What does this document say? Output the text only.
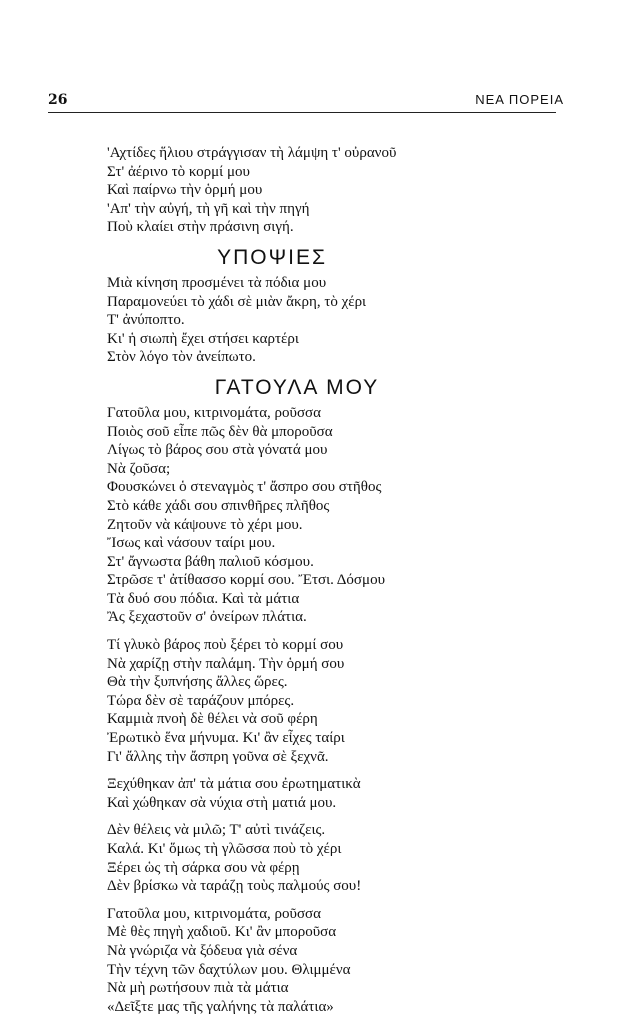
26	ΝΕΑ ΠΟΡΕΙΑ
'Αχτίδες ἥλιου στράγγισαν τὴ λάμψη τ' οὐρανοῦ
Στ' ἀέρινο τὸ κορμί μου
Καὶ παίρνω τὴν ὁρμή μου
'Απ' τὴν αὐγή, τὴ γῆ καὶ τὴν πηγή
Ποὺ κλαίει στὴν πράσινη σιγή.
ΥΠΟΨΙΕΣ
Μιὰ κίνηση προσμένει τὰ πόδια μου
Παραμονεύει τὸ χάδι σὲ μιὰν ἄκρη, τὸ χέρι
Τ' ἀνύποπτο.
Κι' ἡ σιωπὴ ἔχει στήσει καρτέρι
Στὸν λόγο τὸν ἀνείπωτο.
ΓΑΤΟΥΛΑ ΜΟΥ
Γατοῦλα μου, κιτρινομάτα, ροῦσσα
Ποιὸς σοῦ εἶπε πῶς δὲν θὰ μποροῦσα
Λίγως τὸ βάρος σου στὰ γόνατά μου
Νὰ ζοῦσα;
Φουσκώνει ὁ στεναγμὸς τ' ἄσπρο σου στῆθος
Στὸ κάθε χάδι σου σπινθῆρες πλῆθος
Ζητοῦν νὰ κάψουνε τὸ χέρι μου.
Ἴσως καὶ νάσουν ταίρι μου.
Στ' ἄγνωστα βάθη παλιοῦ κόσμου.
Στρῶσε τ' ἀτίθασσο κορμί σου. Ἔτσι. Δόσμου
Τὰ δυό σου πόδια. Καὶ τὰ μάτια
Ἂς ξεχαστοῦν σ' ὀνείρων πλάτια.
Τί γλυκὸ βάρος ποὺ ξέρει τὸ κορμί σου
Νὰ χαρίζῃ στὴν παλάμη. Τὴν ὁρμή σου
Θὰ τὴν ξυπνήσης ἄλλες ὥρες.
Τώρα δὲν σὲ ταράζουν μπόρες.
Καμμιὰ πνοὴ δὲ θέλει νὰ σοῦ φέρη
Ἐρωτικὸ ἕνα μήνυμα. Κι' ἂν εἶχες ταίρι
Γι' ἄλλης τὴν ἄσπρη γοῦνα σὲ ξεχνᾶ.
Ξεχύθηκαν ἀπ' τὰ μάτια σου ἐρωτηματικὰ
Καὶ χώθηκαν σὰ νύχια στὴ ματιά μου.
Δὲν θέλεις νὰ μιλῶ; Τ' αὐτὶ τινάζεις.
Καλά. Κι' ὅμως τὴ γλῶσσα ποὺ τὸ χέρι
Ξέρει ὡς τὴ σάρκα σου νὰ φέρῃ
Δὲν βρίσκω νὰ ταράζῃ τοὺς παλμούς σου!
Γατοῦλα μου, κιτρινομάτα, ροῦσσα
Μὲ θὲς πηγὴ χαδιοῦ. Κι' ἂν μποροῦσα
Νὰ γνώριζα νὰ ξόδευα γιὰ σένα
Τὴν τέχνη τῶν δαχτύλων μου. Θλιμμένα
Νὰ μὴ ρωτήσουν πιὰ τὰ μάτια
«Δεῖξτε μας τῆς γαλήνης τὰ παλάτια»
